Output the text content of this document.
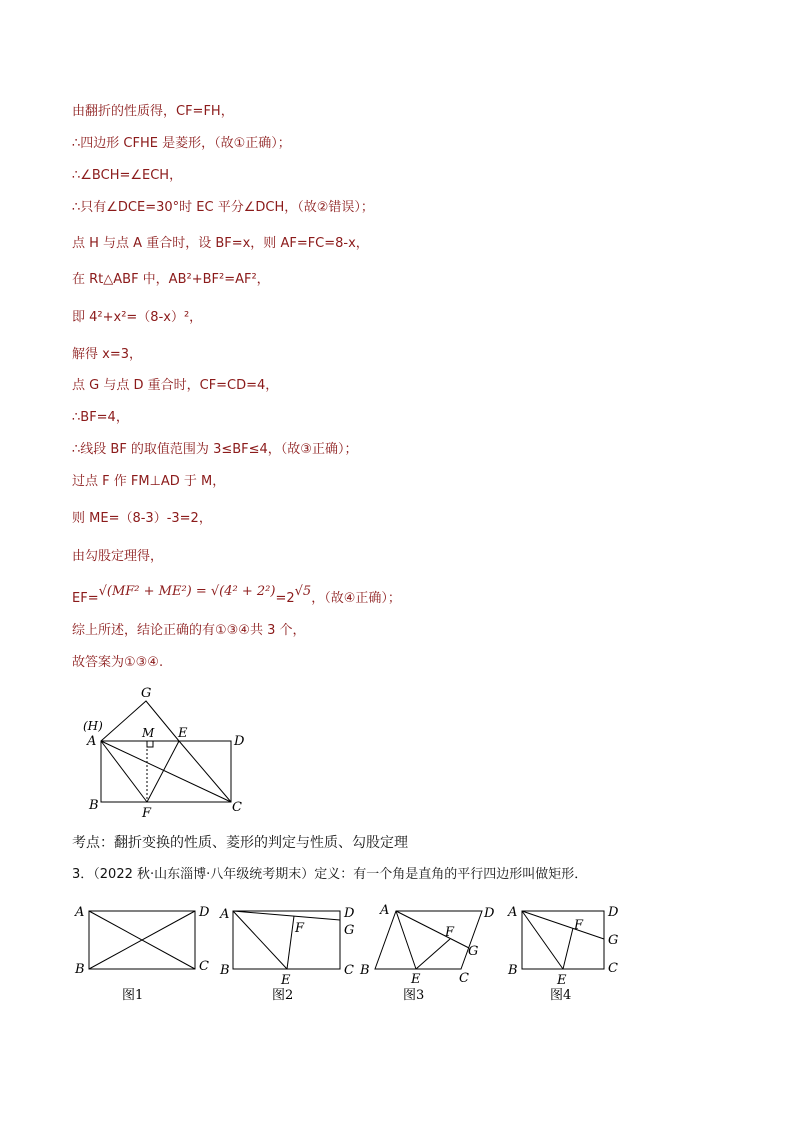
由翻折的性质得，CF=FH，
∴四边形 CFHE 是菱形，（故①正确）；
∴∠BCH=∠ECH，
∴只有∠DCE=30°时 EC 平分∠DCH，（故②错误）；
点 H 与点 A 重合时，设 BF=x，则 AF=FC=8-x，
在 Rt△ABF 中，AB²+BF²=AF²，
即 4²+x²=（8-x）²，
解得 x=3，
点 G 与点 D 重合时，CF=CD=4，
∴BF=4，
∴线段 BF 的取值范围为 3≤BF≤4，（故③正确）；
过点 F 作 FM⊥AD 于 M，
则 ME=（8-3）-3=2，
由勾股定理得，
EF=√(MF² + ME²) = √(4² + 2²)=2√5，（故④正确）；
综上所述，结论正确的有①③④共 3 个，
故答案为①③④.
G
(H)
A
M E
D
B
F	C
考点：翻折变换的性质、菱形的判定与性质、勾股定理
3．（2022 秋·山东淄博·八年级统考期末）定义：有一个角是直角的平行四边形叫做矩形．
A	D
B	C
A	D
G
F
B
E
C
A	D
F
G
B
E	C
A	D
F
G
B
E
C
图1	图2	图3	图4
